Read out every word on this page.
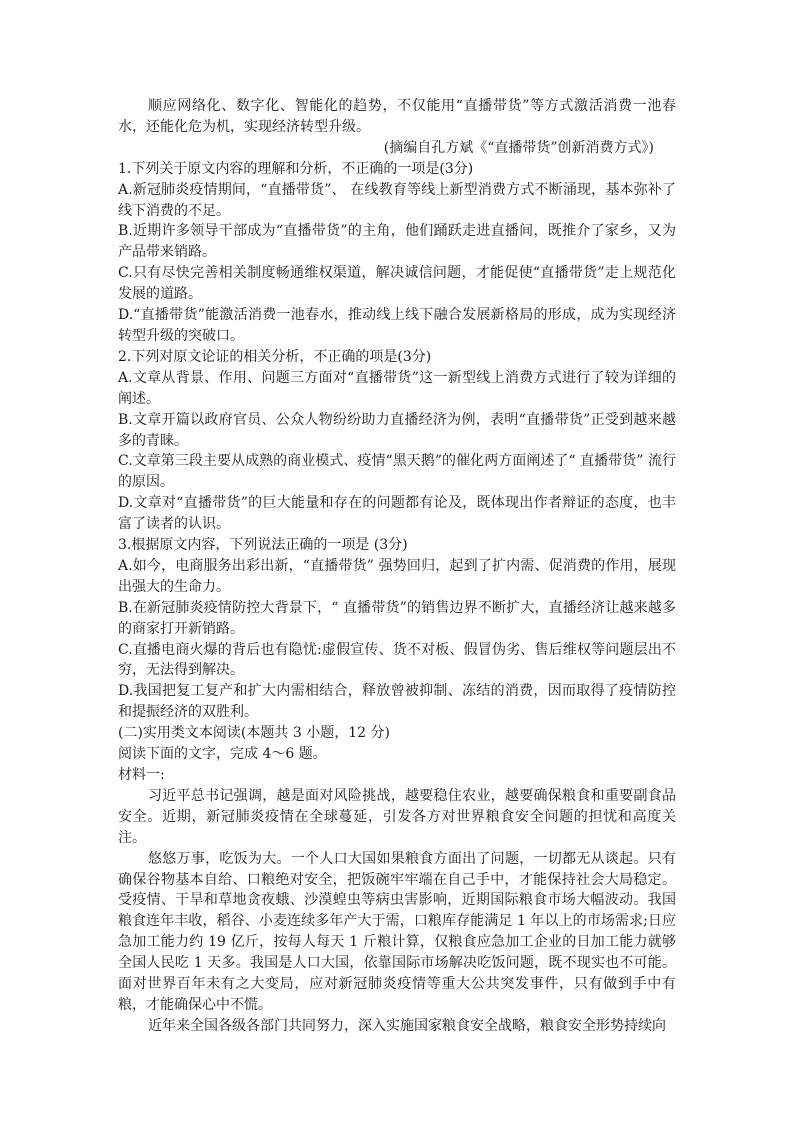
顺应网络化、数字化、智能化的趋势，不仅能用“直播带货”等方式激活消费一池春水，还能化危为机，实现经济转型升级。

(摘编自孔方斌《“直播带货”创新消费方式》)

1.下列关于原文内容的理解和分析，不正确的一项是(3分)

A.新冠肺炎疫情期间，“直播带货”、 在线教育等线上新型消费方式不断涌现，基本弥补了线下消费的不足。

B.近期许多领导干部成为“直播带货”的主角，他们踊跃走进直播间，既推介了家乡，又为产品带来销路。

C.只有尽快完善相关制度畅通维权渠道，解决诚信问题，才能促使“直播带货”走上规范化发展的道路。

D.“直播带货”能激活消费一池春水，推动线上线下融合发展新格局的形成，成为实现经济转型升级的突破口。

2.下列对原文论证的相关分析，不正确的项是(3分)

A.文章从背景、作用、问题三方面对“直播带货”这一新型线上消费方式进行了较为详细的阐述。

B.文章开篇以政府官员、公众人物纷纷助力直播经济为例，表明“直播带货”正受到越来越多的青睐。

C.文章第三段主要从成熟的商业模式、疫情“黑天鹅”的催化两方面阐述了“ 直播带货” 流行的原因。

D.文章对“直播带货”的巨大能量和存在的问题都有论及，既体现出作者辩证的态度，也丰富了读者的认识。

3.根据原文内容，下列说法正确的一项是 (3分)

A.如今，电商服务出彩出新，“直播带货” 强势回归，起到了扩内需、促消费的作用，展现出强大的生命力。

B.在新冠肺炎疫情防控大背景下，“ 直播带货”的销售边界不断扩大，直播经济让越来越多的商家打开新销路。

C.直播电商火爆的背后也有隐忧:虚假宣传、货不对板、假冒伪劣、售后维权等问题层出不穷，无法得到解决。

D.我国把复工复产和扩大内需相结合，释放曾被抑制、冻结的消费，因而取得了疫情防控和提振经济的双胜利。

(二)实用类文本阅读(本题共 3 小题，12 分)

阅读下面的文字，完成 4～6 题。

材料一:

习近平总书记强调，越是面对风险挑战，越要稳住农业，越要确保粮食和重要副食品安全。近期，新冠肺炎疫情在全球蔓延，引发各方对世界粮食安全问题的担忧和高度关注。

悠悠万事，吃饭为大。一个人口大国如果粮食方面出了问题，一切都无从谈起。只有确保谷物基本自给、口粮绝对安全，把饭碗牢牢端在自己手中，才能保持社会大局稳定。受疫情、干旱和草地贪夜蛾、沙漠蝗虫等病虫害影响，近期国际粮食市场大幅波动。我国粮食连年丰收，稻谷、小麦连续多年产大于需，口粮库存能满足 1 年以上的市场需求;日应急加工能力约 19 亿斤，按每人每天 1 斤粮计算，仅粮食应急加工企业的日加工能力就够全国人民吃 1 天多。我国是人口大国，依靠国际市场解决吃饭问题，既不现实也不可能。面对世界百年未有之大变局，应对新冠肺炎疫情等重大公共突发事件，只有做到手中有粮，才能确保心中不慌。

近年来全国各级各部门共同努力，深入实施国家粮食安全战略，粮食安全形势持续向
